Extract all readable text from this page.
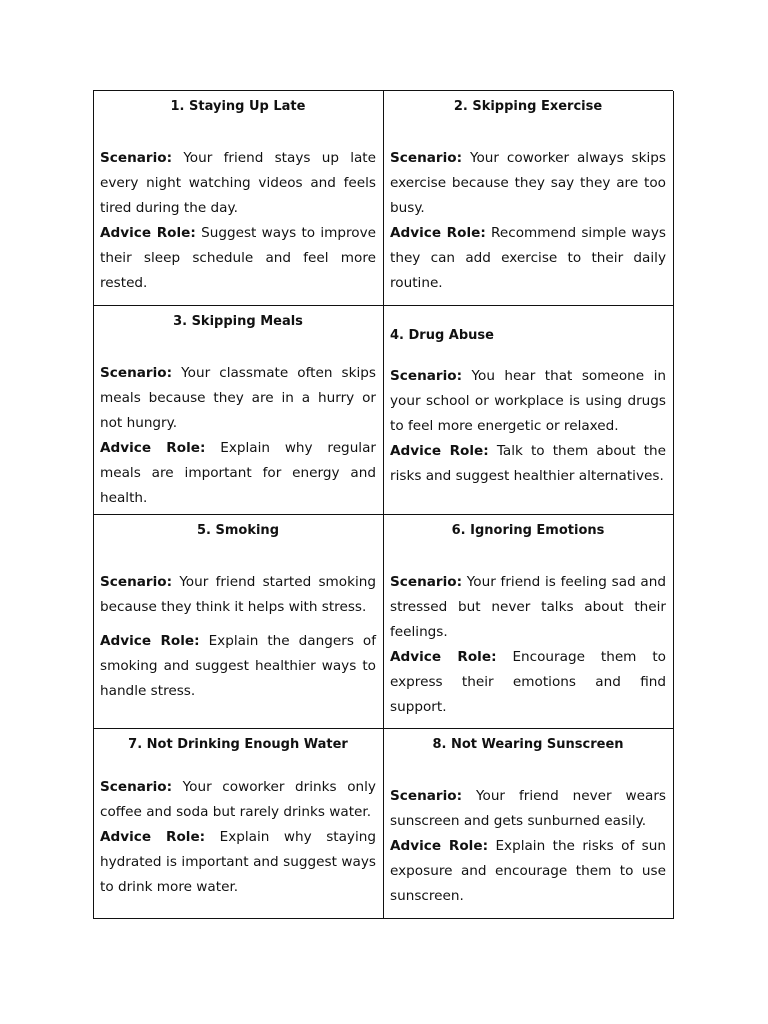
1. Staying Up Late

Scenario: Your friend stays up late every night watching videos and feels tired during the day.

Advice Role: Suggest ways to improve their sleep schedule and feel more rested.

2. Skipping Exercise

Scenario: Your coworker always skips exercise because they say they are too busy.

Advice Role: Recommend simple ways they can add exercise to their daily routine.

3. Skipping Meals

Scenario: Your classmate often skips meals because they are in a hurry or not hungry.

Advice Role: Explain why regular meals are important for energy and health.

4. Drug Abuse

Scenario: You hear that someone in your school or workplace is using drugs to feel more energetic or relaxed.

Advice Role: Talk to them about the risks and suggest healthier alternatives.

5. Smoking

Scenario: Your friend started smoking because they think it helps with stress.

Advice Role: Explain the dangers of smoking and suggest healthier ways to handle stress.

6. Ignoring Emotions

Scenario: Your friend is feeling sad and stressed but never talks about their feelings.

Advice Role: Encourage them to express their emotions and find support.

7. Not Drinking Enough Water

Scenario: Your coworker drinks only coffee and soda but rarely drinks water.

Advice Role: Explain why staying hydrated is important and suggest ways to drink more water.

8. Not Wearing Sunscreen

Scenario: Your friend never wears sunscreen and gets sunburned easily.

Advice Role: Explain the risks of sun exposure and encourage them to use sunscreen.
